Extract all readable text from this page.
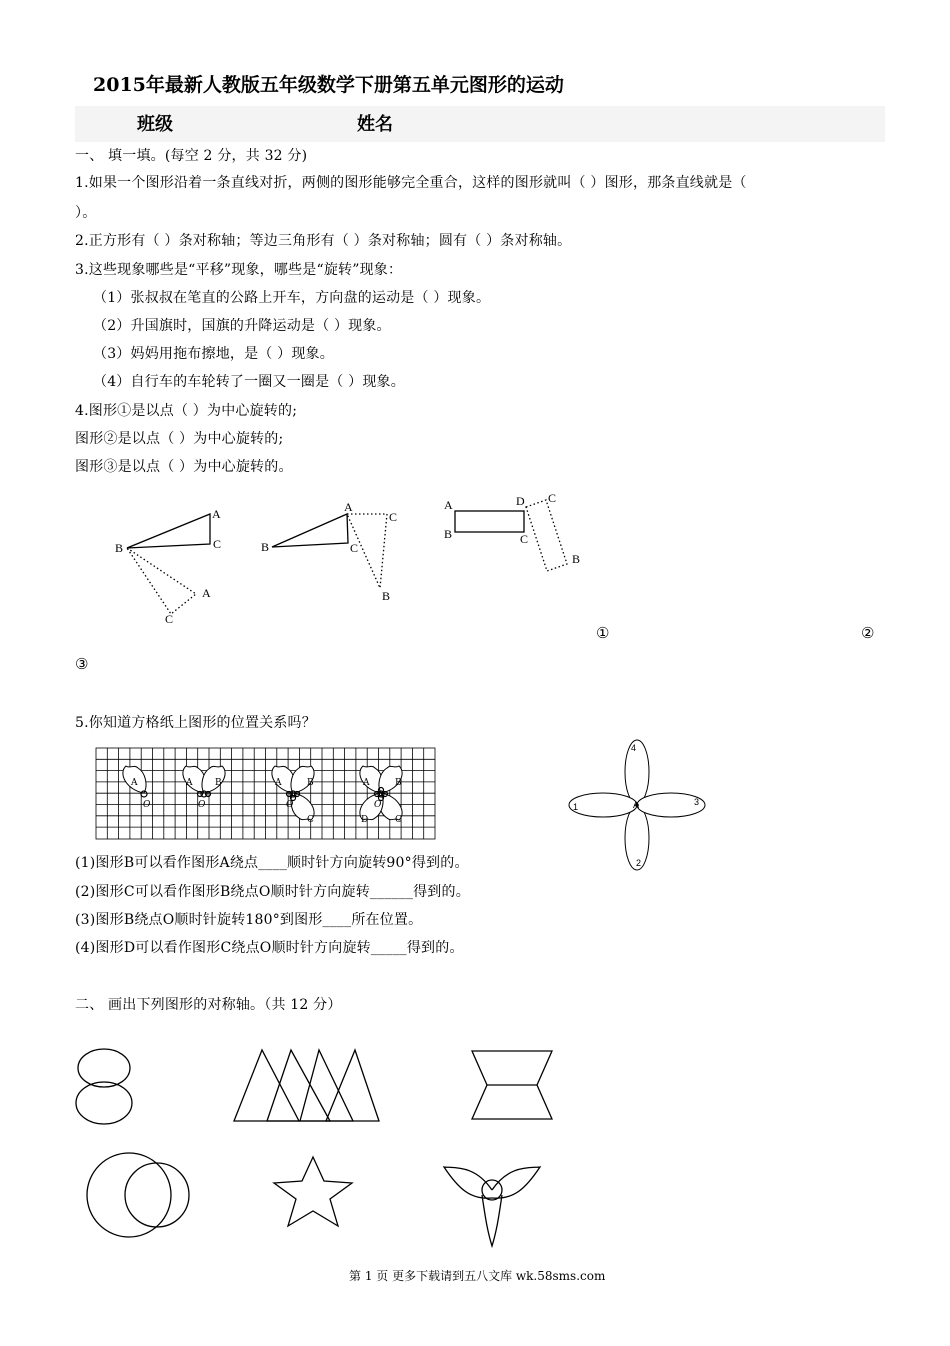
2015年最新人教版五年级数学下册第五单元图形的运动
班级	姓名
一、 填一填。(每空 2 分，共 32 分)
1.如果一个图形沿着一条直线对折，两侧的图形能够完全重合，这样的图形就叫（ ）图形，那条直线就是（
）。
2.正方形有（ ）条对称轴；等边三角形有（ ）条对称轴；圆有（ ）条对称轴。
3.这些现象哪些是“平移”现象，哪些是“旋转”现象：
（1）张叔叔在笔直的公路上开车，方向盘的运动是（ ）现象。
（2）升国旗时，国旗的升降运动是（ ）现象。
（3）妈妈用拖布擦地，是（ ）现象。
（4）自行车的车轮转了一圈又一圈是（ ）现象。
4.图形①是以点（ ）为中心旋转的;
图形②是以点（ ）为中心旋转的;
图形③是以点（ ）为中心旋转的。
A
B	C
A
C
A
C
B	C
B
A	D C
B	C
B
①	②
③
5.你知道方格纸上图形的位置关系吗？
A
O
A	B
O
A	B
O
C
A	B
D
O
C
4
1	3
2
A
(1)图形B可以看作图形A绕点____顺时针方向旋转90°得到的。
(2)图形C可以看作图形B绕点O顺时针方向旋转______得到的。
(3)图形B绕点O顺时针旋转180°到图形____所在位置。
(4)图形D可以看作图形C绕点O顺时针方向旋转_____得到的。
二、 画出下列图形的对称轴。（共 12 分）
第 1 页 更多下载请到五八文库 wk.58sms.com
